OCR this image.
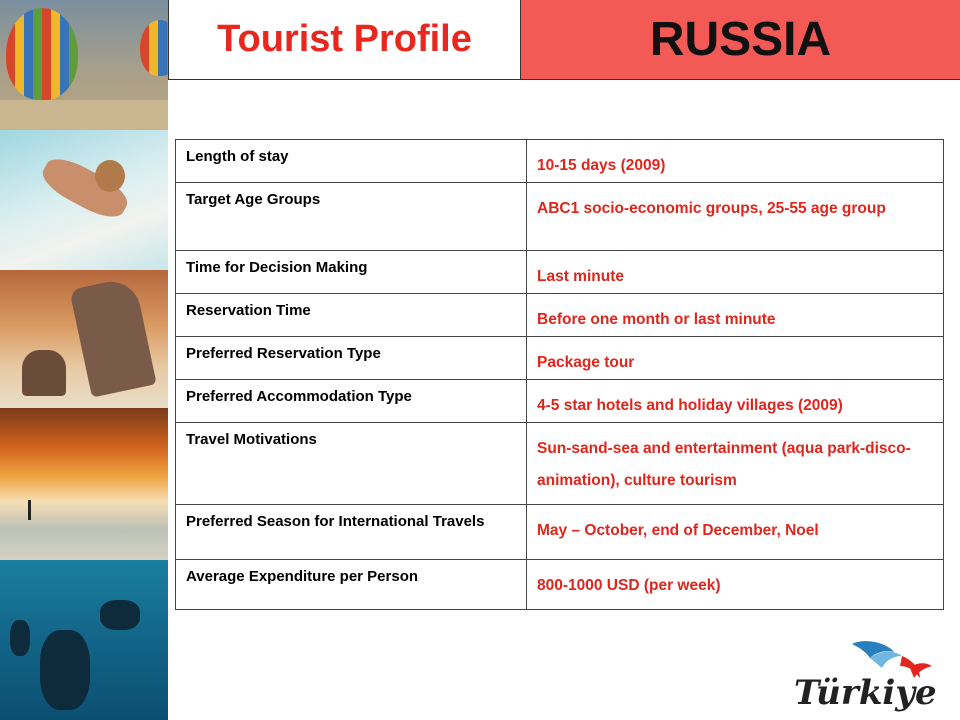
Tourist Profile	RUSSIA
Length of stay	10-15 days (2009)
Target Age Groups	ABC1 socio-economic groups, 25-55 age group
Time for Decision Making	Last minute
Reservation Time	Before one month or last minute
Preferred Reservation Type	Package tour
Preferred Accommodation Type	4-5 star hotels and holiday villages (2009)
Travel Motivations	Sun-sand-sea and entertainment (aqua park-disco-animation), culture tourism
Preferred Season for International Travels	May – October, end of December, Noel
Average Expenditure per Person	800-1000 USD (per week)
Türkiye
